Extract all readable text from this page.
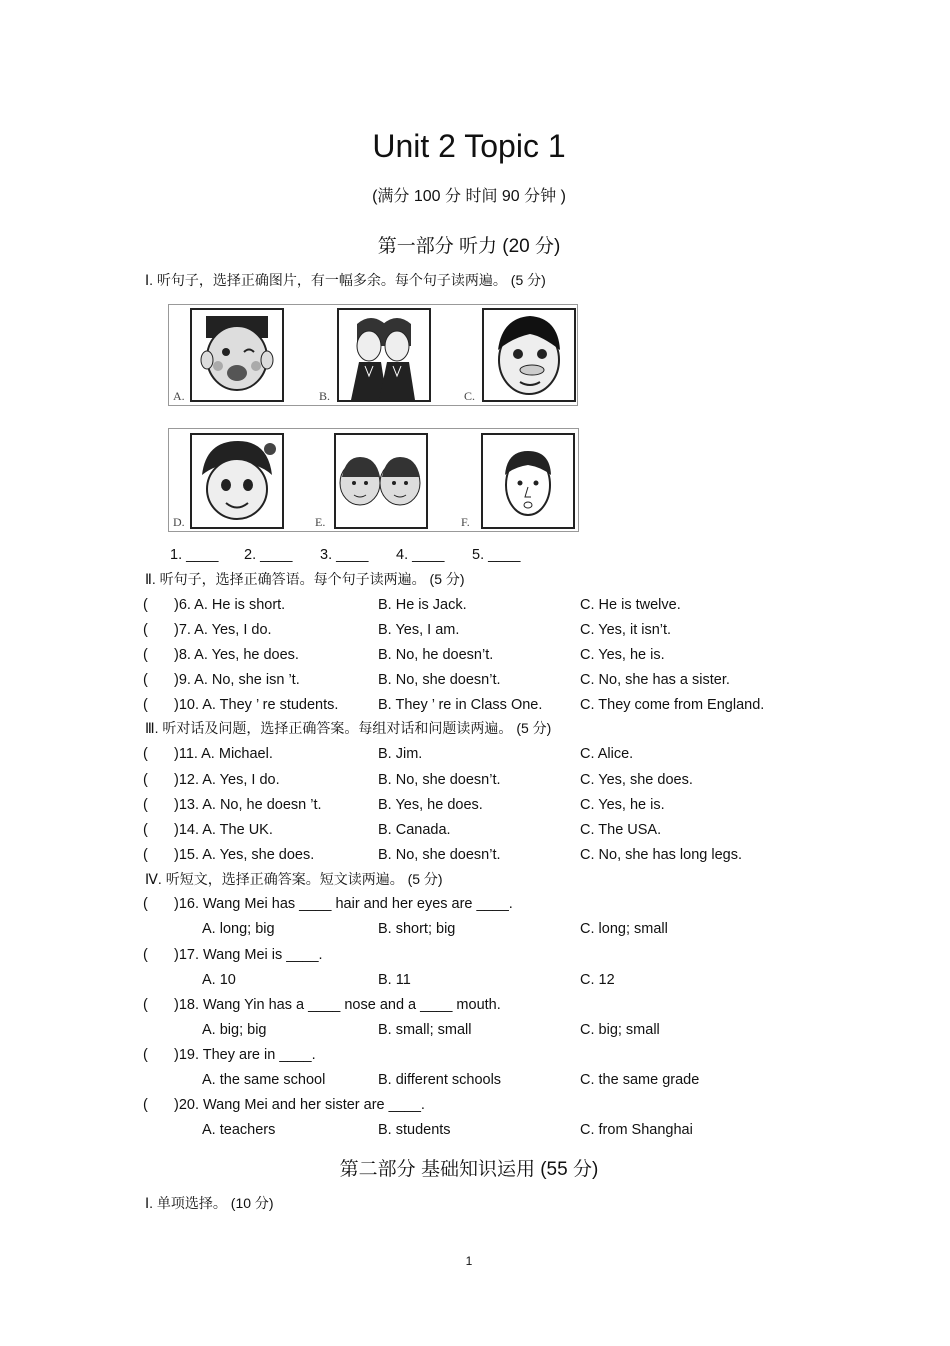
Unit 2 Topic 1
(满分 100 分 时间 90 分钟 )
第一部分 听力 (20 分)
Ⅰ. 听句子，选择正确图片，有一幅多余。每个句子读两遍。 (5 分)
A.	B.	C.
D.	E.	F.
1. ____ 2. ____ 3. ____ 4. ____ 5. ____
Ⅱ. 听句子，选择正确答语。每个句子读两遍。 (5 分)
( )6. A. He is short.	B. He is Jack.	C. He is twelve.
( )7. A. Yes, I do.	B. Yes, I am.	C. Yes, it isn’t.
( )8. A. Yes, he does.	B. No, he doesn’t.	C. Yes, he is.
( )9. A. No, she isn ’t.	B. No, she doesn’t.	C. No, she has a sister.
( )10. A. They ’ re students.	B. They ’ re in Class One.	C. They come from England.
Ⅲ. 听对话及问题，选择正确答案。每组对话和问题读两遍。 (5 分)
( )11. A. Michael.	B. Jim.	C. Alice.
( )12. A. Yes, I do.	B. No, she doesn’t.	C. Yes, she does.
( )13. A. No, he doesn ’t.	B. Yes, he does.	C. Yes, he is.
( )14. A. The UK.	B. Canada.	C. The USA.
( )15. A. Yes, she does.	B. No, she doesn’t.	C. No, she has long legs.
Ⅳ. 听短文，选择正确答案。短文读两遍。 (5 分)
( )16. Wang Mei has ____ hair and her eyes are ____.
A. long; big	B. short; big	C. long; small
( )17. Wang Mei is ____.
A. 10	B. 11	C. 12
( )18. Wang Yin has a ____ nose and a ____ mouth.
A. big; big	B. small; small	C. big; small
( )19. They are in ____.
A. the same school	B. different schools	C. the same grade
( )20. Wang Mei and her sister are ____.
A. teachers	B. students	C. from Shanghai
第二部分 基础知识运用 (55 分)
Ⅰ. 单项选择。 (10 分)
1
